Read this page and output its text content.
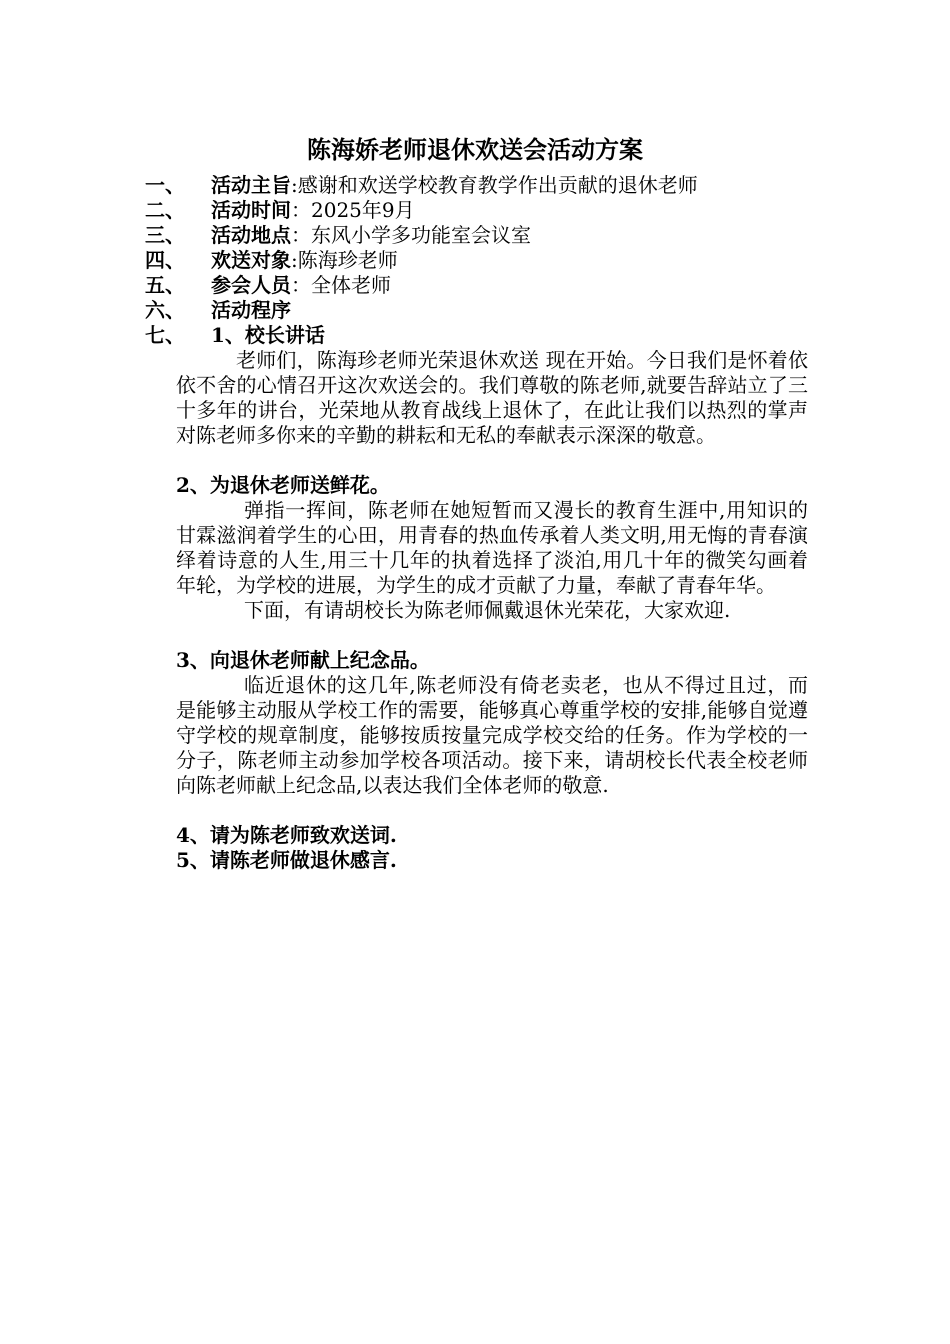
陈海娇老师退休欢送会活动方案
一、 活动主旨:感谢和欢送学校教育教学作出贡献的退休老师
二、 活动时间：2025年9月
三、 活动地点：东风小学多功能室会议室
四、 欢送对象:陈海珍老师
五、 参会人员：全体老师
六、 活动程序
七、 1、校长讲话

老师们，陈海珍老师光荣退休欢送 现在开始。今日我们是怀着依依不舍的心情召开这次欢送会的。我们尊敬的陈老师,就要告辞站立了三十多年的讲台，光荣地从教育战线上退休了，在此让我们以热烈的掌声对陈老师多你来的辛勤的耕耘和无私的奉献表示深深的敬意。

2、为退休老师送鲜花。

弹指一挥间，陈老师在她短暂而又漫长的教育生涯中,用知识的甘霖滋润着学生的心田，用青春的热血传承着人类文明,用无悔的青春演绎着诗意的人生,用三十几年的执着选择了淡泊,用几十年的微笑勾画着年轮，为学校的进展，为学生的成才贡献了力量，奉献了青春年华。

下面，有请胡校长为陈老师佩戴退休光荣花，大家欢迎.

3、向退休老师献上纪念品。

临近退休的这几年,陈老师没有倚老卖老，也从不得过且过，而是能够主动服从学校工作的需要，能够真心尊重学校的安排,能够自觉遵守学校的规章制度，能够按质按量完成学校交给的任务。作为学校的一分子，陈老师主动参加学校各项活动。接下来，请胡校长代表全校老师向陈老师献上纪念品,以表达我们全体老师的敬意.

4、请为陈老师致欢送词.
5、请陈老师做退休感言.
